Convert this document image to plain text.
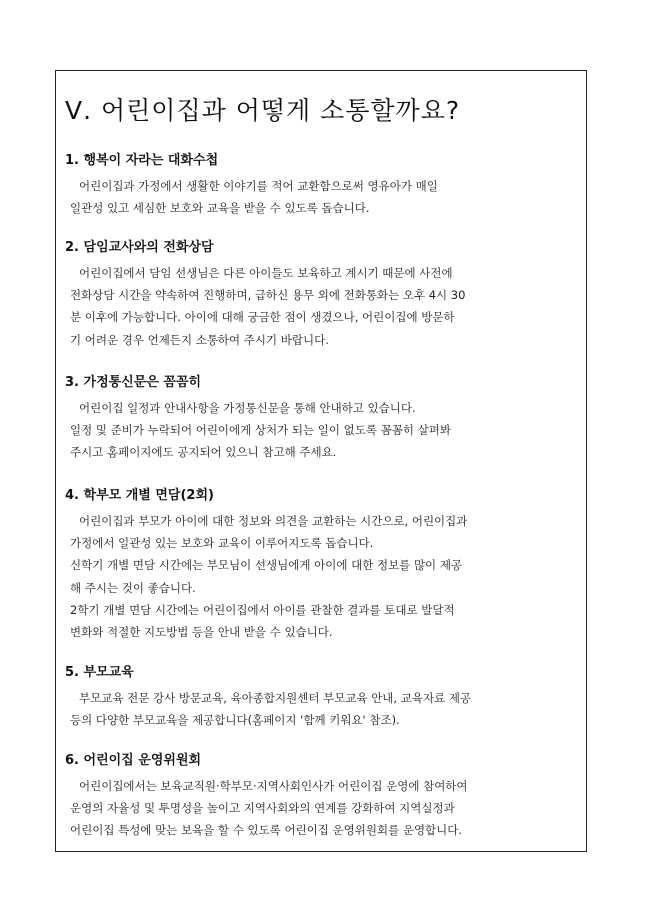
Ⅴ. 어린이집과 어떻게 소통할까요?
1. 행복이 자라는 대화수첩

어린이집과 가정에서 생활한 이야기를 적어 교환함으로써 영유아가 매일

일관성 있고 세심한 보호와 교육을 받을 수 있도록 돕습니다.

2. 담임교사와의 전화상담

어린이집에서 담임 선생님은 다른 아이들도 보육하고 계시기 때문에 사전에

전화상담 시간을 약속하여 진행하며, 급하신 용무 외에 전화통화는 오후 4시 30

분 이후에 가능합니다. 아이에 대해 궁금한 점이 생겼으나, 어린이집에 방문하

기 어려운 경우 언제든지 소통하여 주시기 바랍니다.

3. 가정통신문은 꼼꼼히

어린이집 일정과 안내사항을 가정통신문을 통해 안내하고 있습니다.

일정 및 준비가 누락되어 어린이에게 상처가 되는 일이 없도록 꼼꼼히 살펴봐

주시고 홈페이지에도 공지되어 있으니 참고해 주세요.

4. 학부모 개별 면담(2회)

어린이집과 부모가 아이에 대한 정보와 의견을 교환하는 시간으로, 어린이집과

가정에서 일관성 있는 보호와 교육이 이루어지도록 돕습니다.

신학기 개별 면담 시간에는 부모님이 선생님에게 아이에 대한 정보를 많이 제공

해 주시는 것이 좋습니다.

2학기 개별 면담 시간에는 어린이집에서 아이를 관찰한 결과를 토대로 발달적

변화와 적절한 지도방법 등을 안내 받을 수 있습니다.

5. 부모교육

부모교육 전문 강사 방문교육, 육아종합지원센터 부모교육 안내, 교육자료 제공

등의 다양한 부모교육을 제공합니다(홈페이지 '함께 키워요' 참조).

6. 어린이집 운영위원회

어린이집에서는 보육교직원·학부모·지역사회인사가 어린이집 운영에 참여하여

운영의 자율성 및 투명성을 높이고 지역사회와의 연계를 강화하여 지역실정과

어린이집 특성에 맞는 보육을 할 수 있도록 어린이집 운영위원회를 운영합니다.
